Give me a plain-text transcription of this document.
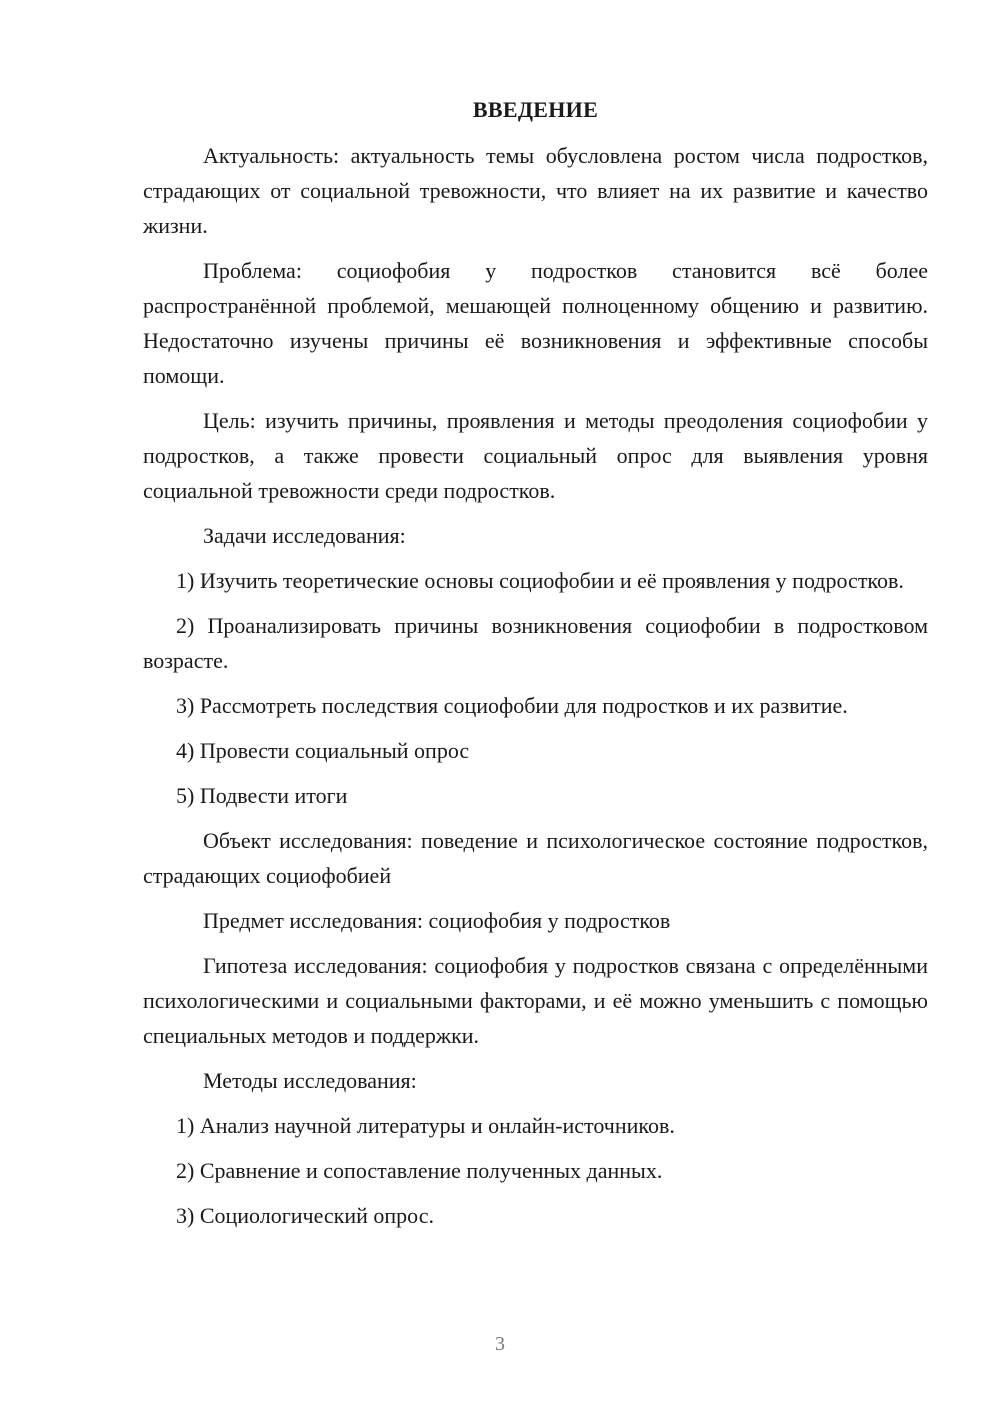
ВВЕДЕНИЕ

Актуальность: актуальность темы обусловлена ростом числа подростков, страдающих от социальной тревожности, что влияет на их развитие и качество жизни.

Проблема: социофобия у подростков становится всё более распространённой проблемой, мешающей полноценному общению и развитию. Недостаточно изучены причины её возникновения и эффективные способы помощи.

Цель: изучить причины, проявления и методы преодоления социофобии у подростков, а также провести социальный опрос для выявления уровня социальной тревожности среди подростков.

Задачи исследования:

1) Изучить теоретические основы социофобии и её проявления у подростков.

2) Проанализировать причины возникновения социофобии в подростковом возрасте.

3) Рассмотреть последствия социофобии для подростков и их развитие.

4) Провести социальный опрос

5) Подвести итоги

Объект исследования: поведение и психологическое состояние подростков, страдающих социофобией

Предмет исследования: социофобия у подростков

Гипотеза исследования: социофобия у подростков связана с определёнными психологическими и социальными факторами, и её можно уменьшить с помощью специальных методов и поддержки.

Методы исследования:

1) Анализ научной литературы и онлайн-источников.

2) Сравнение и сопоставление полученных данных.

3) Социологический опрос.

3
